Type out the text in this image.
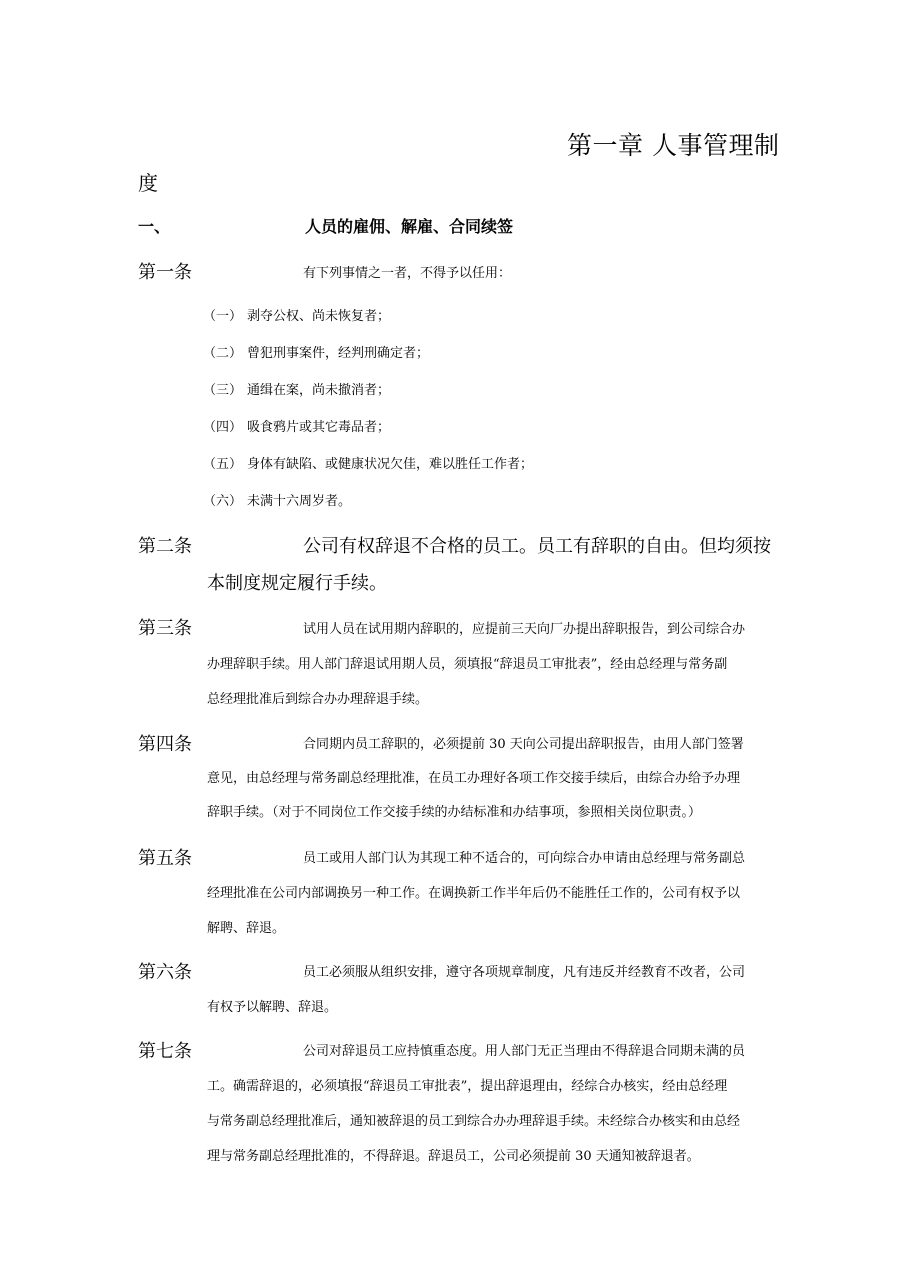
第一章 人事管理制
度
一、	人员的雇佣、解雇、合同续签
第一条	有下列事情之一者，不得予以任用：
（一） 剥夺公权、尚未恢复者；
（二） 曾犯刑事案件，经判刑确定者；
（三） 通缉在案，尚未撤消者；
（四） 吸食鸦片或其它毒品者；
（五） 身体有缺陷、或健康状况欠佳，难以胜任工作者；
（六） 未满十六周岁者。
第二条	公司有权辞退不合格的员工。员工有辞职的自由。但均须按
本制度规定履行手续。
第三条	试用人员在试用期内辞职的，应提前三天向厂办提出辞职报告，到公司综合办
办理辞职手续。用人部门辞退试用期人员，须填报“辞退员工审批表”，经由总经理与常务副
总经理批准后到综合办办理辞退手续。
第四条	合同期内员工辞职的，必须提前 30 天向公司提出辞职报告，由用人部门签署
意见，由总经理与常务副总经理批准，在员工办理好各项工作交接手续后，由综合办给予办理
辞职手续。（对于不同岗位工作交接手续的办结标准和办结事项，参照相关岗位职责。）
第五条	员工或用人部门认为其现工种不适合的，可向综合办申请由总经理与常务副总
经理批准在公司内部调换另一种工作。在调换新工作半年后仍不能胜任工作的，公司有权予以
解聘、辞退。
第六条	员工必须服从组织安排，遵守各项规章制度，凡有违反并经教育不改者，公司
有权予以解聘、辞退。
第七条	公司对辞退员工应持慎重态度。用人部门无正当理由不得辞退合同期未满的员
工。确需辞退的，必须填报“辞退员工审批表”，提出辞退理由，经综合办核实，经由总经理
与常务副总经理批准后，通知被辞退的员工到综合办办理辞退手续。未经综合办核实和由总经
理与常务副总经理批准的，不得辞退。辞退员工，公司必须提前 30 天通知被辞退者。
